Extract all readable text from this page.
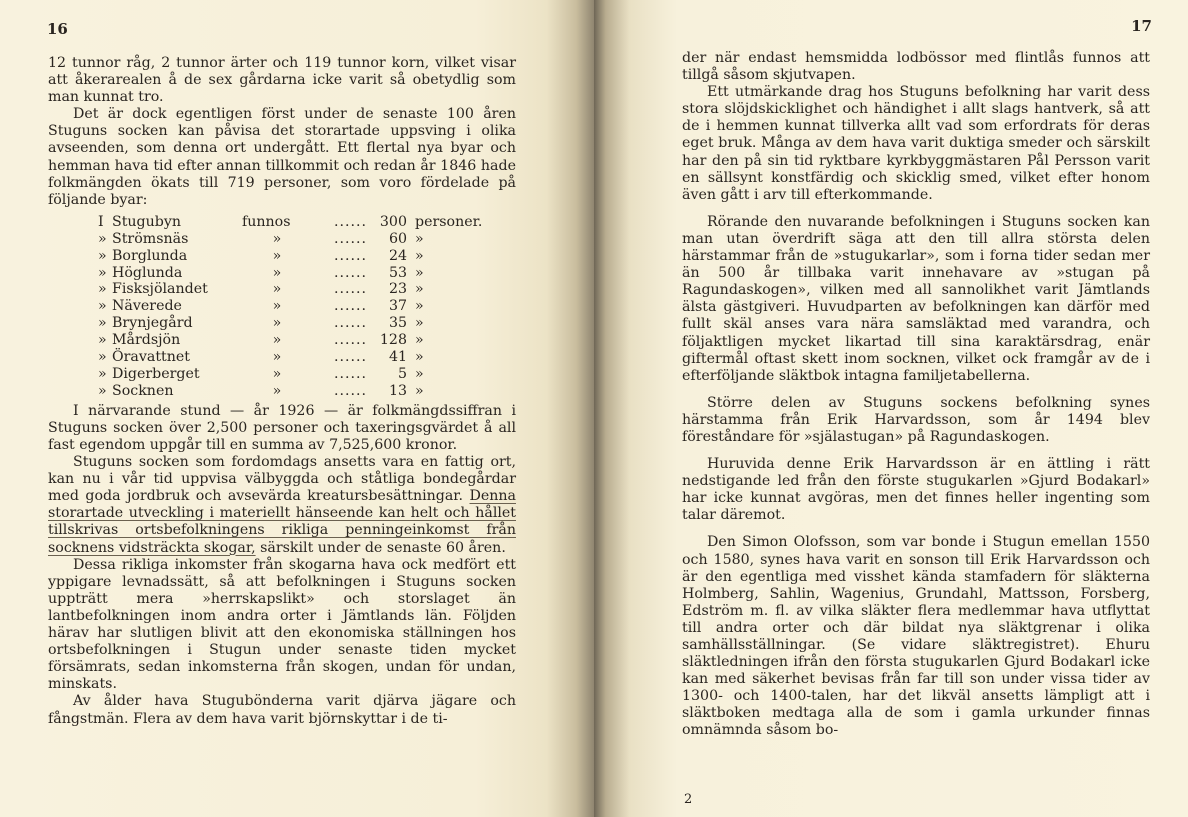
16

12 tunnor råg, 2 tunnor ärter och 119 tunnor korn, vilket visar att åkerarealen å de sex gårdarna icke varit så obetydlig som man kunnat tro.

Det är dock egentligen först under de senaste 100 åren Stuguns socken kan påvisa det storartade uppsving i olika avseenden, som denna ort undergått. Ett flertal nya byar och hemman hava tid efter annan tillkommit och redan år 1846 hade folkmängden ökats till 719 personer, som voro fördelade på följande byar:

I	Stugubyn	funnos	......	300	personer.
»	Strömsnäs	»	......	60	»
»	Borglunda	»	......	24	»
»	Höglunda	»	......	53	»
»	Fisksjölandet	»	......	23	»
»	Näverede	»	......	37	»
»	Brynjegård	»	......	35	»
»	Mårdsjön	»	......	128	»
»	Öravattnet	»	......	41	»
»	Digerberget	»	......	5	»
»	Socknen	»	......	13	»

I närvarande stund — år 1926 — är folkmängdssiffran i Stuguns socken över 2,500 personer och taxeringsgvärdet å all fast egendom uppgår till en summa av 7,525,600 kronor.

Stuguns socken som fordomdags ansetts vara en fattig ort, kan nu i vår tid uppvisa välbyggda och ståtliga bondegårdar med goda jordbruk och avsevärda kreatursbesättningar. Denna storartade utveckling i materiellt hänseende kan helt och hållet tillskrivas ortsbefolkningens rikliga penningeinkomst från socknens vidsträckta skogar, särskilt under de senaste 60 åren.

Dessa rikliga inkomster från skogarna hava ock medfört ett yppigare levnadssätt, så att befolkningen i Stuguns socken uppträtt mera »herrskapslikt» och storslaget än lantbefolkningen inom andra orter i Jämtlands län. Följden härav har slutligen blivit att den ekonomiska ställningen hos ortsbefolkningen i Stugun under senaste tiden mycket försämrats, sedan inkomsterna från skogen, undan för undan, minskats.

Av ålder hava Stugubönderna varit djärva jägare och fångstmän. Flera av dem hava varit björnskyttar i de ti-

17

der när endast hemsmidda lodbössor med flintlås funnos att tillgå såsom skjutvapen.

Ett utmärkande drag hos Stuguns befolkning har varit dess stora slöjdskicklighet och händighet i allt slags hantverk, så att de i hemmen kunnat tillverka allt vad som erfordrats för deras eget bruk. Många av dem hava varit duktiga smeder och särskilt har den på sin tid ryktbare kyrkbyggmästaren Pål Persson varit en sällsynt konstfärdig och skicklig smed, vilket efter honom även gått i arv till efterkommande.

Rörande den nuvarande befolkningen i Stuguns socken kan man utan överdrift säga att den till allra största delen härstammar från de »stugukarlar», som i forna tider sedan mer än 500 år tillbaka varit innehavare av »stugan på Ragundaskogen», vilken med all sannolikhet varit Jämtlands älsta gästgiveri. Huvudparten av befolkningen kan därför med fullt skäl anses vara nära samsläktad med varandra, och följaktligen mycket likartad till sina karaktärsdrag, enär giftermål oftast skett inom socknen, vilket ock framgår av de i efterföljande släktbok intagna familjetabellerna.

Större delen av Stuguns sockens befolkning synes härstamma från Erik Harvardsson, som år 1494 blev föreståndare för »själastugan» på Ragundaskogen.

Huruvida denne Erik Harvardsson är en ättling i rätt nedstigande led från den förste stugukarlen »Gjurd Bodakarl» har icke kunnat avgöras, men det finnes heller ingenting som talar däremot.

Den Simon Olofsson, som var bonde i Stugun emellan 1550 och 1580, synes hava varit en sonson till Erik Harvardsson och är den egentliga med visshet kända stamfadern för släkterna Holmberg, Sahlin, Wagenius, Grundahl, Mattsson, Forsberg, Edström m. fl. av vilka släkter flera medlemmar hava utflyttat till andra orter och där bildat nya släktgrenar i olika samhällsställningar. (Se vidare släktregistret). Ehuru släktledningen ifrån den första stugukarlen Gjurd Bodakarl icke kan med säkerhet bevisas från far till son under vissa tider av 1300- och 1400-talen, har det likväl ansetts lämpligt att i släktboken medtaga alla de som i gamla urkunder finnas omnämnda såsom bo-

2
